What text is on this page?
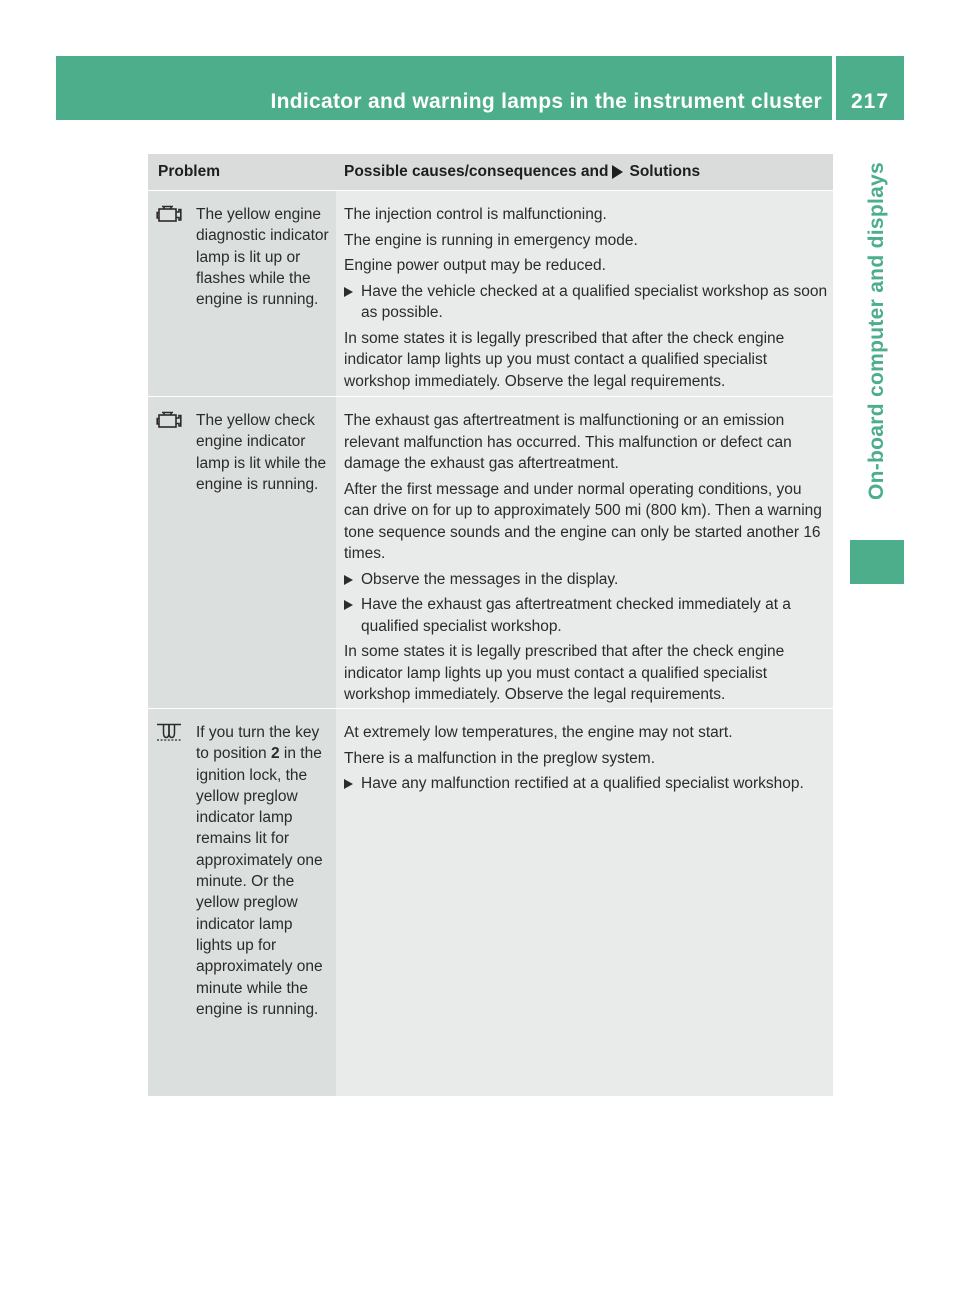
Indicator and warning lamps in the instrument cluster	217
On-board computer and displays
Problem	Possible causes/consequences and Solutions
The yellow engine diagnostic indicator lamp is lit up or flashes while the engine is running.
The injection control is malfunctioning.
The engine is running in emergency mode.
Engine power output may be reduced.
Have the vehicle checked at a qualified specialist workshop as soon as possible.
In some states it is legally prescribed that after the check engine indicator lamp lights up you must contact a qualified specialist workshop immediately. Observe the legal requirements.
The yellow check engine indicator lamp is lit while the engine is running.
The exhaust gas aftertreatment is malfunctioning or an emission relevant malfunction has occurred. This malfunction or defect can damage the exhaust gas aftertreatment.
After the first message and under normal operating conditions, you can drive on for up to approximately 500 mi (800 km). Then a warning tone sequence sounds and the engine can only be started another 16 times.
Observe the messages in the display.
Have the exhaust gas aftertreatment checked immediately at a qualified specialist workshop.
In some states it is legally prescribed that after the check engine indicator lamp lights up you must contact a qualified specialist workshop immediately. Observe the legal requirements.
If you turn the key to position 2 in the ignition lock, the yellow preglow indicator lamp remains lit for approximately one minute. Or the yellow preglow indicator lamp lights up for approximately one minute while the engine is running.
At extremely low temperatures, the engine may not start.
There is a malfunction in the preglow system.
Have any malfunction rectified at a qualified specialist workshop.
